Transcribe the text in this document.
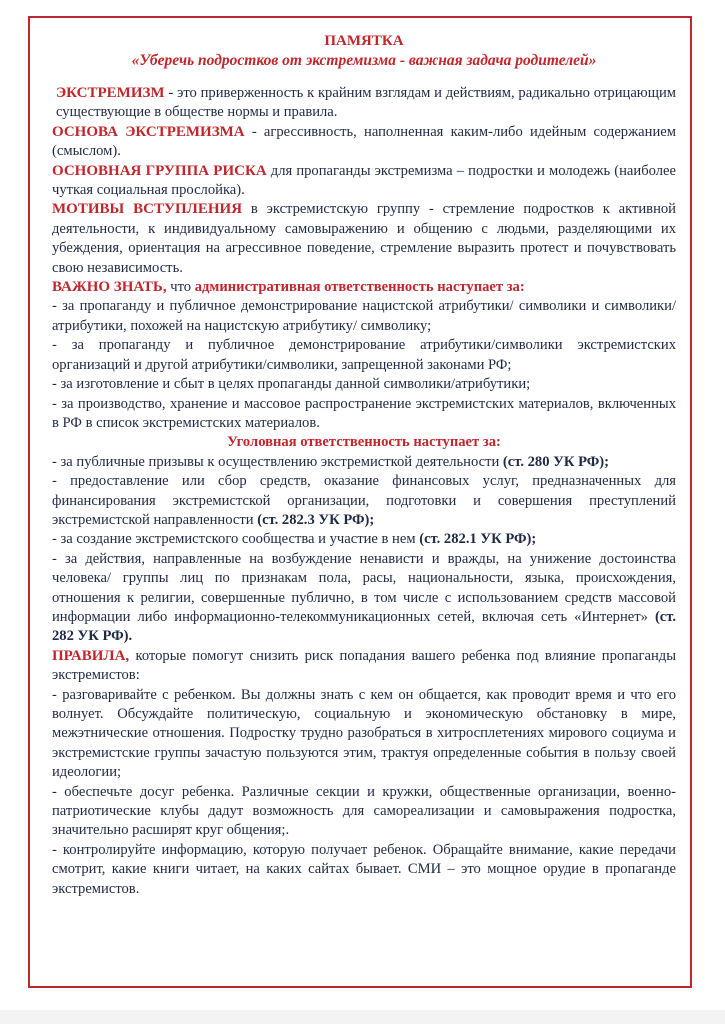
ПАМЯТКА
«Уберечь подростков от экстремизма - важная задача родителей»

ЭКСТРЕМИЗМ - это приверженность к крайним взглядам и действиям, радикально отрицающим существующие в обществе нормы и правила.

ОСНОВА ЭКСТРЕМИЗМА - агрессивность, наполненная каким-либо идейным содержанием (смыслом).

ОСНОВНАЯ ГРУППА РИСКА для пропаганды экстремизма – подростки и молодежь (наиболее чуткая социальная прослойка).

МОТИВЫ ВСТУПЛЕНИЯ в экстремистскую группу - стремление подростков к активной деятельности, к индивидуальному самовыражению и общению с людьми, разделяющими их убеждения, ориентация на агрессивное поведение, стремление выразить протест и почувствовать свою независимость.

ВАЖНО ЗНАТЬ, что административная ответственность наступает за:

- за пропаганду и публичное демонстрирование нацистской атрибутики/ символики и символики/атрибутики, похожей на нацистскую атрибутику/ символику;

- за пропаганду и публичное демонстрирование атрибутики/символики экстремистских организаций и другой атрибутики/символики, запрещенной законами РФ;

- за изготовление и сбыт в целях пропаганды данной символики/атрибутики;

- за производство, хранение и массовое распространение экстремистских материалов, включенных в РФ в список экстремистских материалов.

Уголовная ответственность наступает за:

- за публичные призывы к осуществлению экстремисткой деятельности (ст. 280 УК РФ);

- предоставление или сбор средств, оказание финансовых услуг, предназначенных для финансирования экстремистской организации, подготовки и совершения преступлений экстремистской направленности (ст. 282.3 УК РФ);

- за создание экстремистского сообщества и участие в нем (ст. 282.1 УК РФ);

- за действия, направленные на возбуждение ненависти и вражды, на унижение достоинства человека/ группы лиц по признакам пола, расы, национальности, языка, происхождения, отношения к религии, совершенные публично, в том числе с использованием средств массовой информации либо информационно-телекоммуникационных сетей, включая сеть «Интернет» (ст. 282 УК РФ).

ПРАВИЛА, которые помогут снизить риск попадания вашего ребенка под влияние пропаганды экстремистов:

- разговаривайте с ребенком. Вы должны знать с кем он общается, как проводит время и что его волнует. Обсуждайте политическую, социальную и экономическую обстановку в мире, межэтнические отношения. Подростку трудно разобраться в хитросплетениях мирового социума и экстремистские группы зачастую пользуются этим, трактуя определенные события в пользу своей идеологии;

- обеспечьте досуг ребенка. Различные секции и кружки, общественные организации, военно-патриотические клубы дадут возможность для самореализации и самовыражения подростка, значительно расширят круг общения;.

- контролируйте информацию, которую получает ребенок. Обращайте внимание, какие передачи смотрит, какие книги читает, на каких сайтах бывает. СМИ – это мощное орудие в пропаганде экстремистов.
